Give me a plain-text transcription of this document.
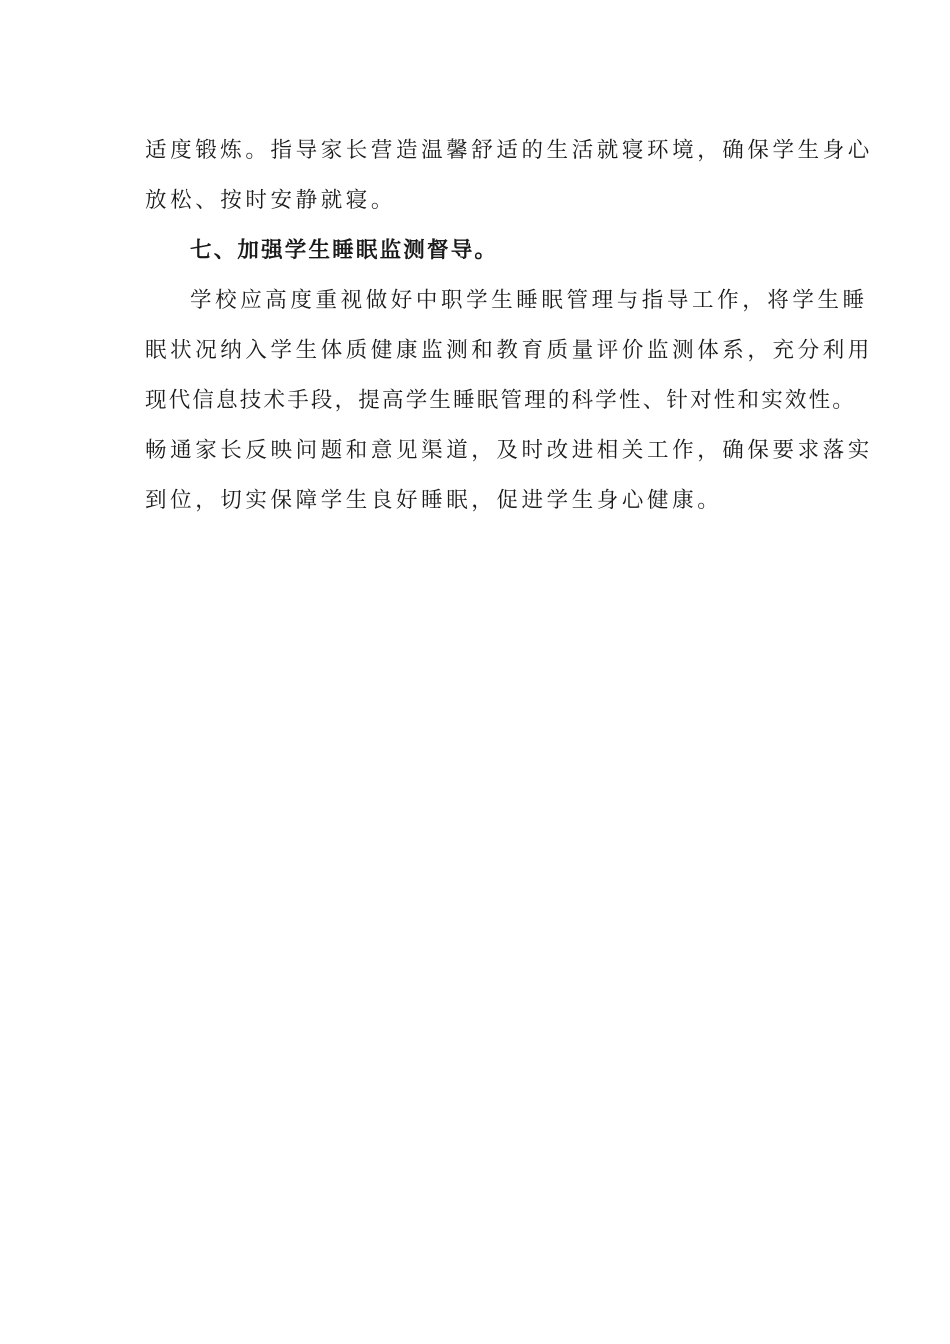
适度锻炼。指导家长营造温馨舒适的生活就寝环境，确保学生身心
放松、按时安静就寝。
七、加强学生睡眠监测督导。
学校应高度重视做好中职学生睡眠管理与指导工作，将学生睡
眠状况纳入学生体质健康监测和教育质量评价监测体系，充分利用
现代信息技术手段，提高学生睡眠管理的科学性、针对性和实效性。
畅通家长反映问题和意见渠道，及时改进相关工作，确保要求落实
到位，切实保障学生良好睡眠，促进学生身心健康。
